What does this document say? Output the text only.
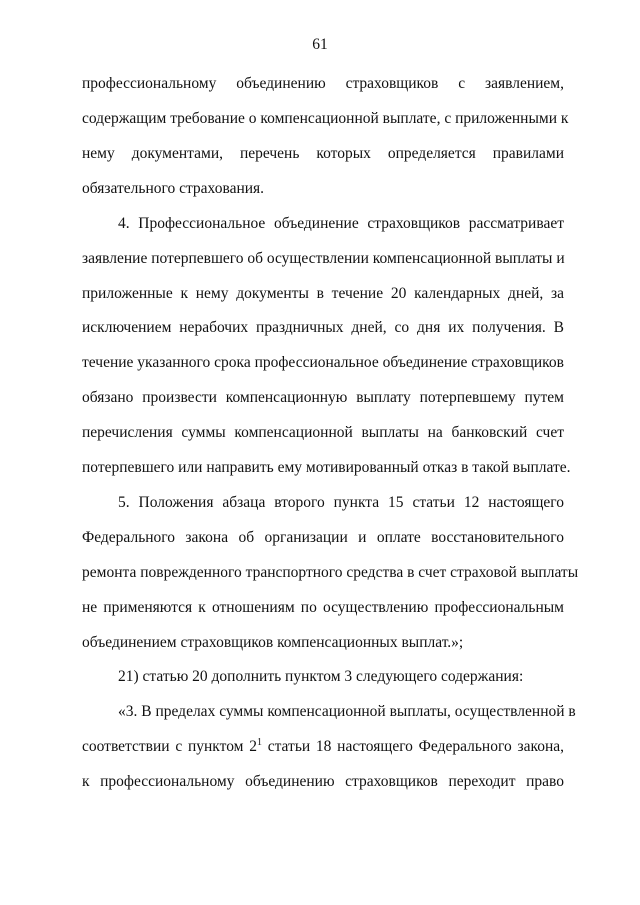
61
профессиональному объединению страховщиков с заявлением,
содержащим требование о компенсационной выплате, с приложенными к
нему документами, перечень которых определяется правилами
обязательного страхования.
4. Профессиональное объединение страховщиков рассматривает
заявление потерпевшего об осуществлении компенсационной выплаты и
приложенные к нему документы в течение 20 календарных дней, за
исключением нерабочих праздничных дней, со дня их получения. В
течение указанного срока профессиональное объединение страховщиков
обязано произвести компенсационную выплату потерпевшему путем
перечисления суммы компенсационной выплаты на банковский счет
потерпевшего или направить ему мотивированный отказ в такой выплате.
5. Положения абзаца второго пункта 15 статьи 12 настоящего
Федерального закона об организации и оплате восстановительного
ремонта поврежденного транспортного средства в счет страховой выплаты
не применяются к отношениям по осуществлению профессиональным
объединением страховщиков компенсационных выплат.»;
21) статью 20 дополнить пунктом 3 следующего содержания:
«3. В пределах суммы компенсационной выплаты, осуществленной в
соответствии с пунктом $2^1$ статьи 18 настоящего Федерального закона,
к профессиональному объединению страховщиков переходит право
